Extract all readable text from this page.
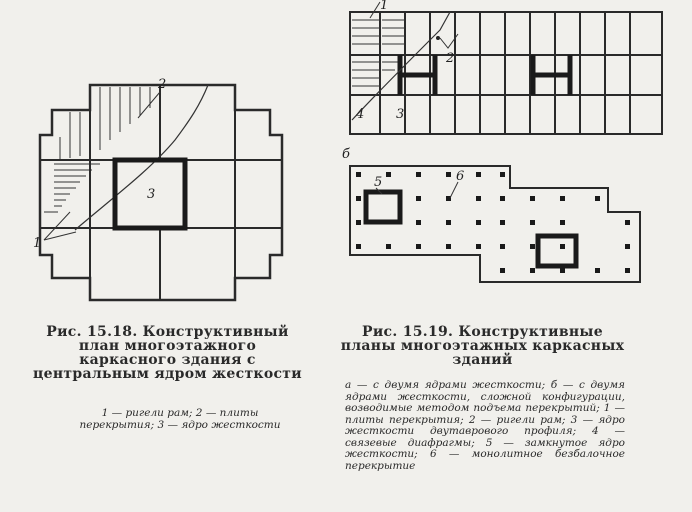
2
3
1
Рис. 15.18. Конструктивный план многоэтажного каркасного здания с центральным ядром жесткости
1 — ригели рам; 2 — плиты перекрытия; 3 — ядро жесткости
1
2
3
4
б
5	6
Рис. 15.19. Конструктивные планы многоэтажных каркасных зданий
а — с двумя ядрами жесткости; б — с двумя ядрами жесткости, сложной конфигурации, возводимые методом подъема перекрытий; 1 — плиты перекрытия; 2 — ригели рам; 3 — ядро жесткости двутаврового профиля; 4 — связевые диафрагмы; 5 — замкнутое ядро жесткости; 6 — монолитное безбалочное перекрытие
